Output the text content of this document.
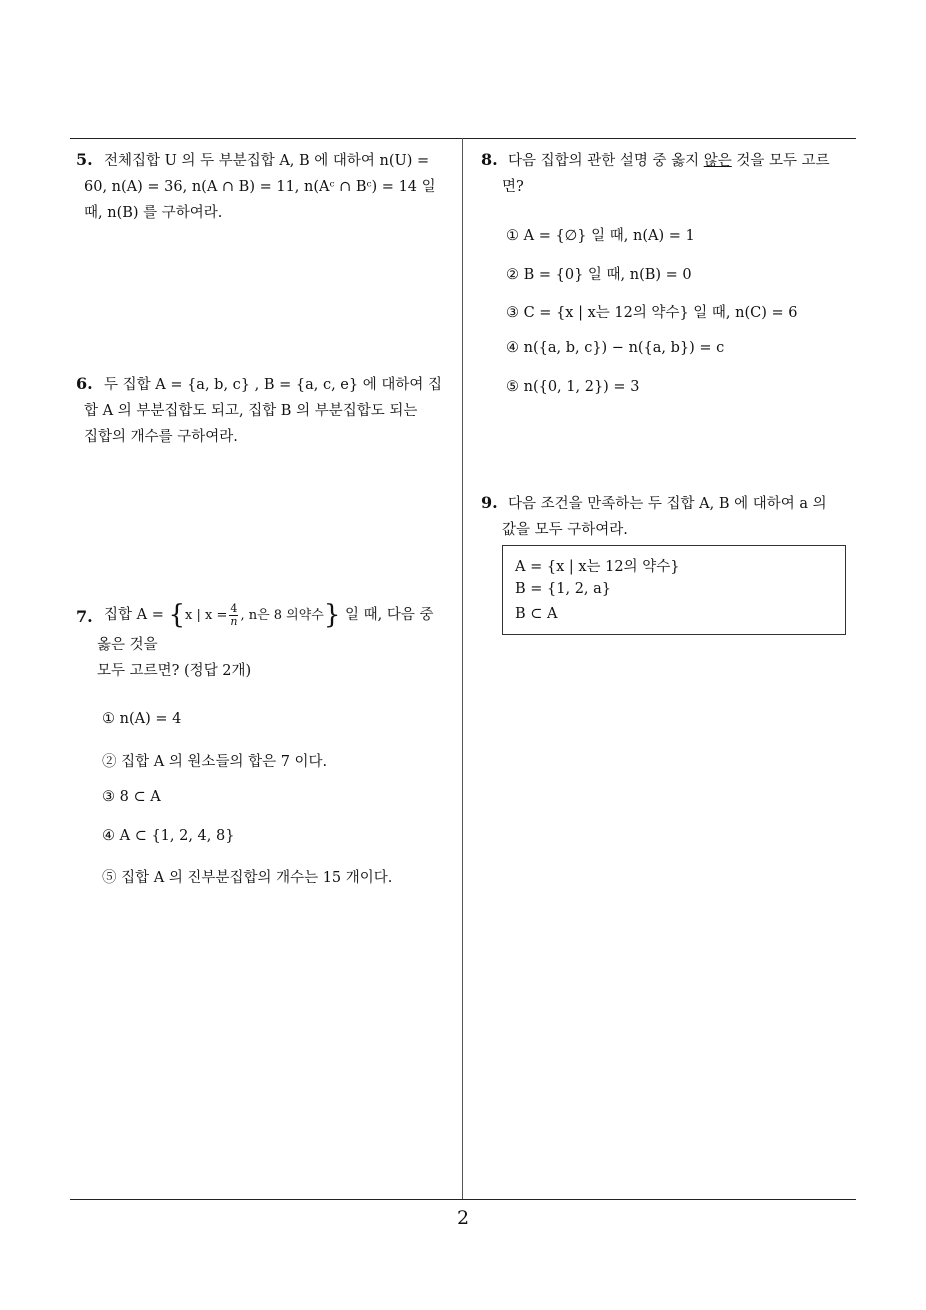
5. 전체집합 U 의 두 부분집합 A, B 에 대하여 n(U) =
60, n(A) = 36, n(A ∩ B) = 11, n(Aᶜ ∩ Bᶜ) = 14 일
때, n(B) 를 구하여라.
6. 두 집합 A = {a, b, c} , B = {a, c, e} 에 대하여 집
합 A 의 부분집합도 되고, 집합 B 의 부분집합도 되는
집합의 개수를 구하여라.
7. 집합 A = {x | $x = \frac{4}{n}$ , n은 8 의약수} 일 때, 다음 중
옳은 것을
모두 고르면? (정답 2개)
① n(A) = 4
② 집합 A 의 원소들의 합은 7 이다.
③ 8 ⊂ A
④ A ⊂ {1, 2, 4, 8}
⑤ 집합 A 의 진부분집합의 개수는 15 개이다.
8. 다음 집합의 관한 설명 중 옳지 않은 것을 모두 고르
면?
① A = {∅} 일 때, n(A) = 1
② B = {0} 일 때, n(B) = 0
③ C = {x | x는 12의 약수} 일 때, n(C) = 6
④ n({a, b, c}) − n({a, b}) = c
⑤ n({0, 1, 2}) = 3
9. 다음 조건을 만족하는 두 집합 A, B 에 대하여 a 의
값을 모두 구하여라.
A = {x | x는 12의 약수}
B = {1, 2, a}
B ⊂ A
2
